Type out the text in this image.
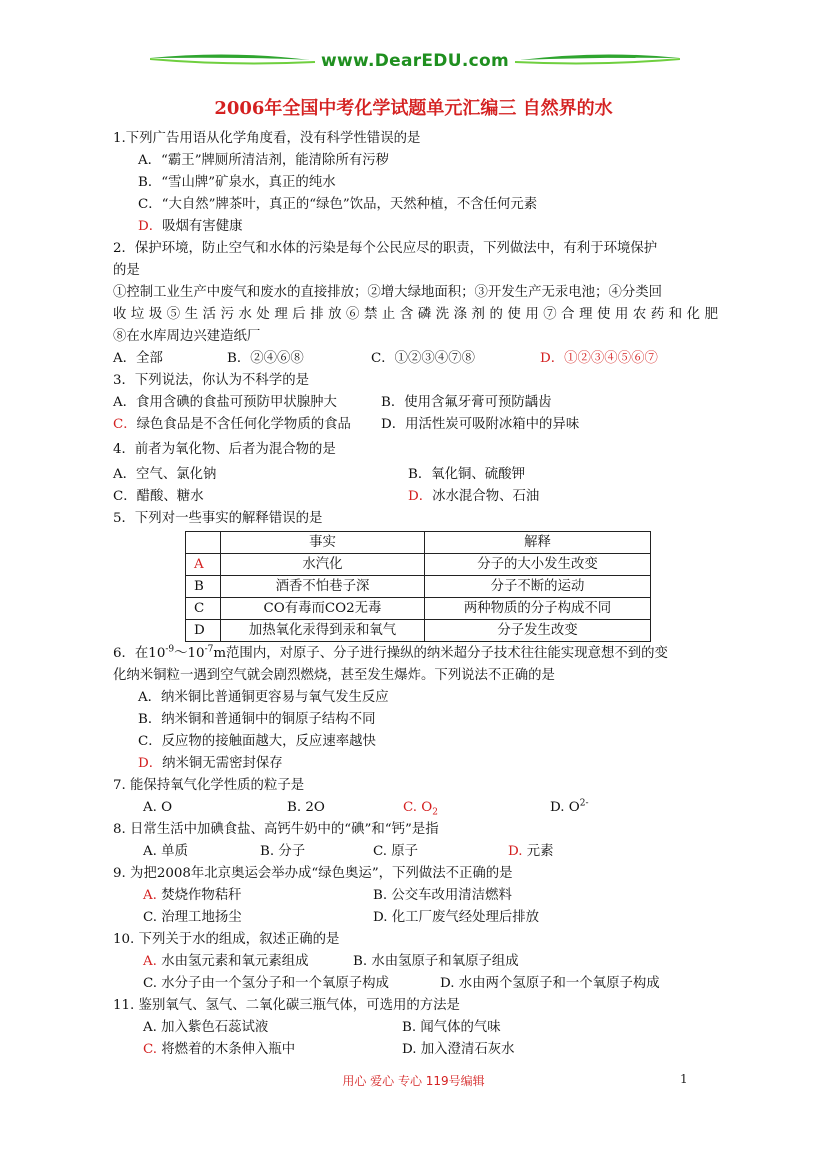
www.DearEDU.com
2006年全国中考化学试题单元汇编三 自然界的水
1.下列广告用语从化学角度看，没有科学性错误的是
A．“霸王”牌厕所清洁剂，能清除所有污秽
B．“雪山牌”矿泉水，真正的纯水
C．“大自然”牌茶叶，真正的“绿色”饮品，天然种植，不含任何元素
D．吸烟有害健康
2．保护环境，防止空气和水体的污染是每个公民应尽的职责，下列做法中，有利于环境保护
的是
①控制工业生产中废气和废水的直接排放；②增大绿地面积；③开发生产无汞电池；④分类回
收垃圾⑤生活污水处理后排放⑥禁止含磷洗涤剂的使用⑦合理使用农药和化肥
⑧在水库周边兴建造纸厂
A．全部	B．②④⑥⑧	C．①②③④⑦⑧	D．①②③④⑤⑥⑦
3．下列说法，你认为不科学的是
A．食用含碘的食盐可预防甲状腺肿大	B．使用含氟牙膏可预防龋齿
C．绿色食品是不含任何化学物质的食品 D．用活性炭可吸附冰箱中的异味
4．前者为氧化物、后者为混合物的是
A．空气、氯化钠	B．氧化铜、硫酸钾
C．醋酸、糖水	D．冰水混合物、石油
5．下列对一些事实的解释错误的是
	事实	解释
A	水汽化	分子的大小发生改变
B	酒香不怕巷子深	分子不断的运动
C	CO有毒而CO2无毒	两种物质的分子构成不同
D	加热氧化汞得到汞和氧气	分子发生改变
6．在$10^{-9}\sim 10^{-7}m$范围内，对原子、分子进行操纵的纳米超分子技术往往能实现意想不到的变
化纳米铜粒一遇到空气就会剧烈燃烧，甚至发生爆炸。下列说法不正确的是
A．纳米铜比普通铜更容易与氧气发生反应
B．纳米铜和普通铜中的铜原子结构不同
C．反应物的接触面越大，反应速率越快
D．纳米铜无需密封保存
7. 能保持氧气化学性质的粒子是
A. O	B. 2O	C. $O_2$	D. $O^{2-}$
8. 日常生活中加碘食盐、高钙牛奶中的“碘”和“钙”是指
A. 单质	B. 分子	C. 原子	D. 元素
9. 为把2008年北京奥运会举办成“绿色奥运”，下列做法不正确的是
A. 焚烧作物秸秆	B. 公交车改用清洁燃料
C. 治理工地扬尘	D. 化工厂废气经处理后排放
10. 下列关于水的组成，叙述正确的是
A. 水由氢元素和氧元素组成	B. 水由氢原子和氧原子组成
C. 水分子由一个氢分子和一个氧原子构成	D. 水由两个氢原子和一个氧原子构成
11. 鉴别氧气、氢气、二氧化碳三瓶气体，可选用的方法是
A. 加入紫色石蕊试液	B. 闻气体的气味
C. 将燃着的木条伸入瓶中	D. 加入澄清石灰水
用心 爱心 专心 119号编辑	1
